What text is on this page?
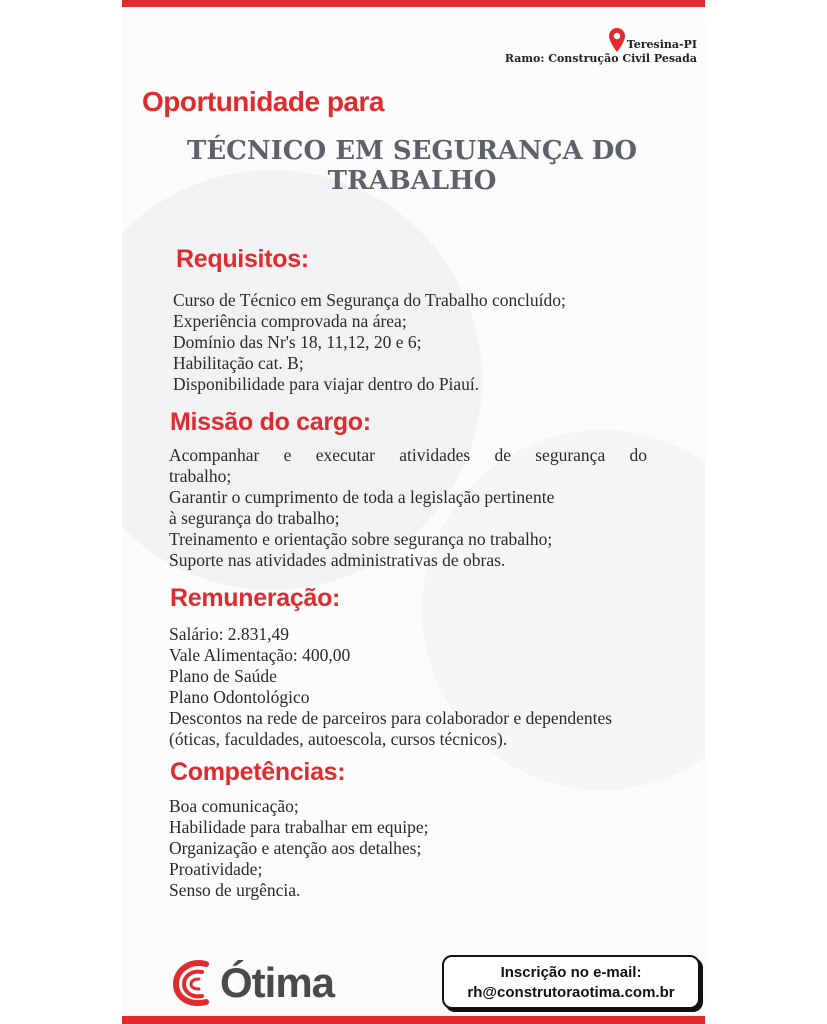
Teresina-PI
Ramo: Construção Civil Pesada
Oportunidade para
TÉCNICO EM SEGURANÇA DO
TRABALHO
Requisitos:
Curso de Técnico em Segurança do Trabalho concluído;
Experiência comprovada na área;
Domínio das Nr's 18, 11,12, 20 e 6;
Habilitação cat. B;
Disponibilidade para viajar dentro do Piauí.
Missão do cargo:
Acompanhar e executar atividades de segurança do
trabalho;
Garantir o cumprimento de toda a legislação pertinente
à segurança do trabalho;
Treinamento e orientação sobre segurança no trabalho;
Suporte nas atividades administrativas de obras.
Remuneração:
Salário: 2.831,49
Vale Alimentação: 400,00
Plano de Saúde
Plano Odontológico
Descontos na rede de parceiros para colaborador e dependentes
(óticas, faculdades, autoescola, cursos técnicos).
Competências:
Boa comunicação;
Habilidade para trabalhar em equipe;
Organização e atenção aos detalhes;
Proatividade;
Senso de urgência.
Ótima	Inscrição no e-mail:
rh@construtoraotima.com.br
